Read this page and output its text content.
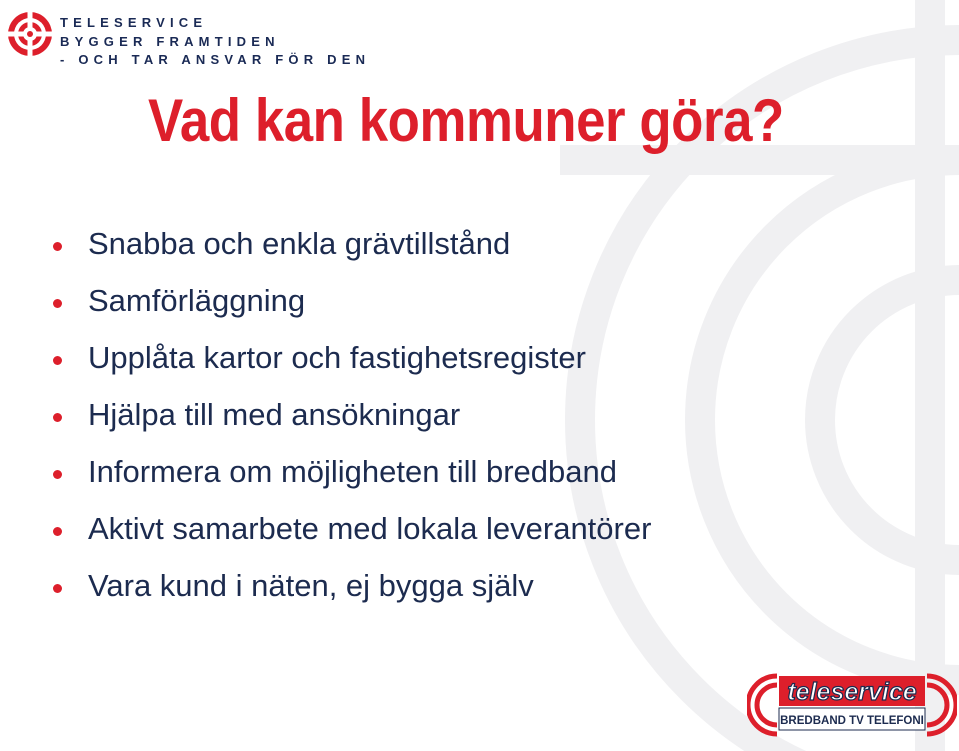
TELESERVICE
BYGGER FRAMTIDEN
- OCH TAR ANSVAR FÖR DEN
Vad kan kommuner göra?
Snabba och enkla grävtillstånd
Samförläggning
Upplåta kartor och fastighetsregister
Hjälpa till med ansökningar
Informera om möjligheten till bredband
Aktivt samarbete med lokala leverantörer
Vara kund i näten, ej bygga själv
teleservice
BREDBAND TV TELEFONI
